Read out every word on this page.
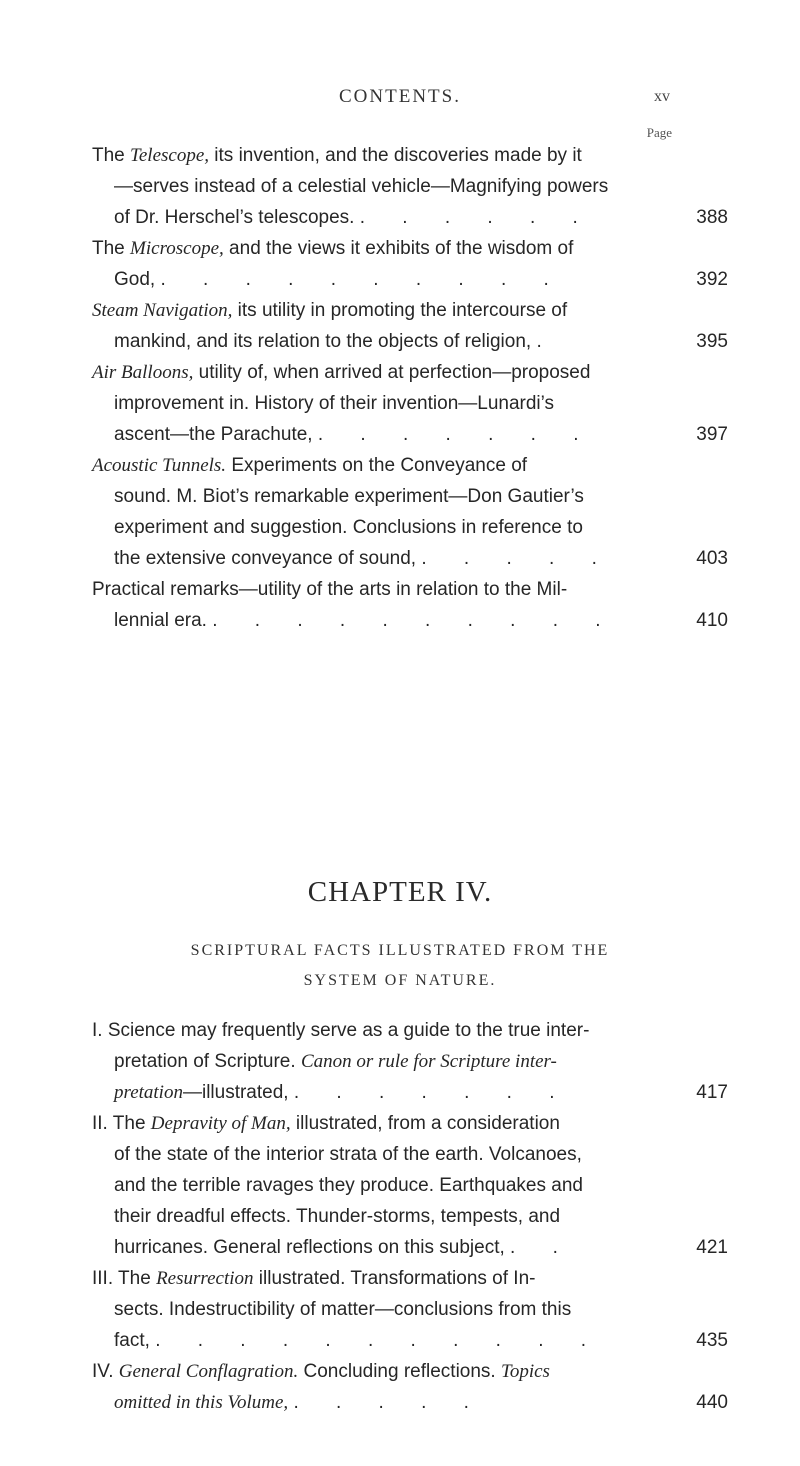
CONTENTS.	xv
Page
The Telescope, its invention, and the discoveries made by it
—serves instead of a celestial vehicle—Magnifying powers
of Dr. Herschel’s telescopes. . . . . . .	388
The Microscope, and the views it exhibits of the wisdom of
God, . . . . . . . . . .	392
Steam Navigation, its utility in promoting the intercourse of
mankind, and its relation to the objects of religion, .	395
Air Balloons, utility of, when arrived at perfection—proposed
improvement in. History of their invention—Lunardi’s
ascent—the Parachute, . . . . . . .	397
Acoustic Tunnels. Experiments on the Conveyance of
sound. M. Biot’s remarkable experiment—Don Gautier’s
experiment and suggestion. Conclusions in reference to
the extensive conveyance of sound, . . . . .	403
Practical remarks—utility of the arts in relation to the Mil-
lennial era. . . . . . . . . . .	410
CHAPTER IV.
SCRIPTURAL FACTS ILLUSTRATED FROM THE
SYSTEM OF NATURE.
I. Science may frequently serve as a guide to the true inter-
pretation of Scripture. Canon or rule for Scripture inter-
pretation—illustrated, . . . . . . .	417
II. The Depravity of Man, illustrated, from a consideration
of the state of the interior strata of the earth. Volcanoes,
and the terrible ravages they produce. Earthquakes and
their dreadful effects. Thunder-storms, tempests, and
hurricanes. General reflections on this subject, . .	421
III. The Resurrection illustrated. Transformations of In-
sects. Indestructibility of matter—conclusions from this
fact, . . . . . . . . . . .	435
IV. General Conflagration. Concluding reflections. Topics
omitted in this Volume, . . . . .	440
